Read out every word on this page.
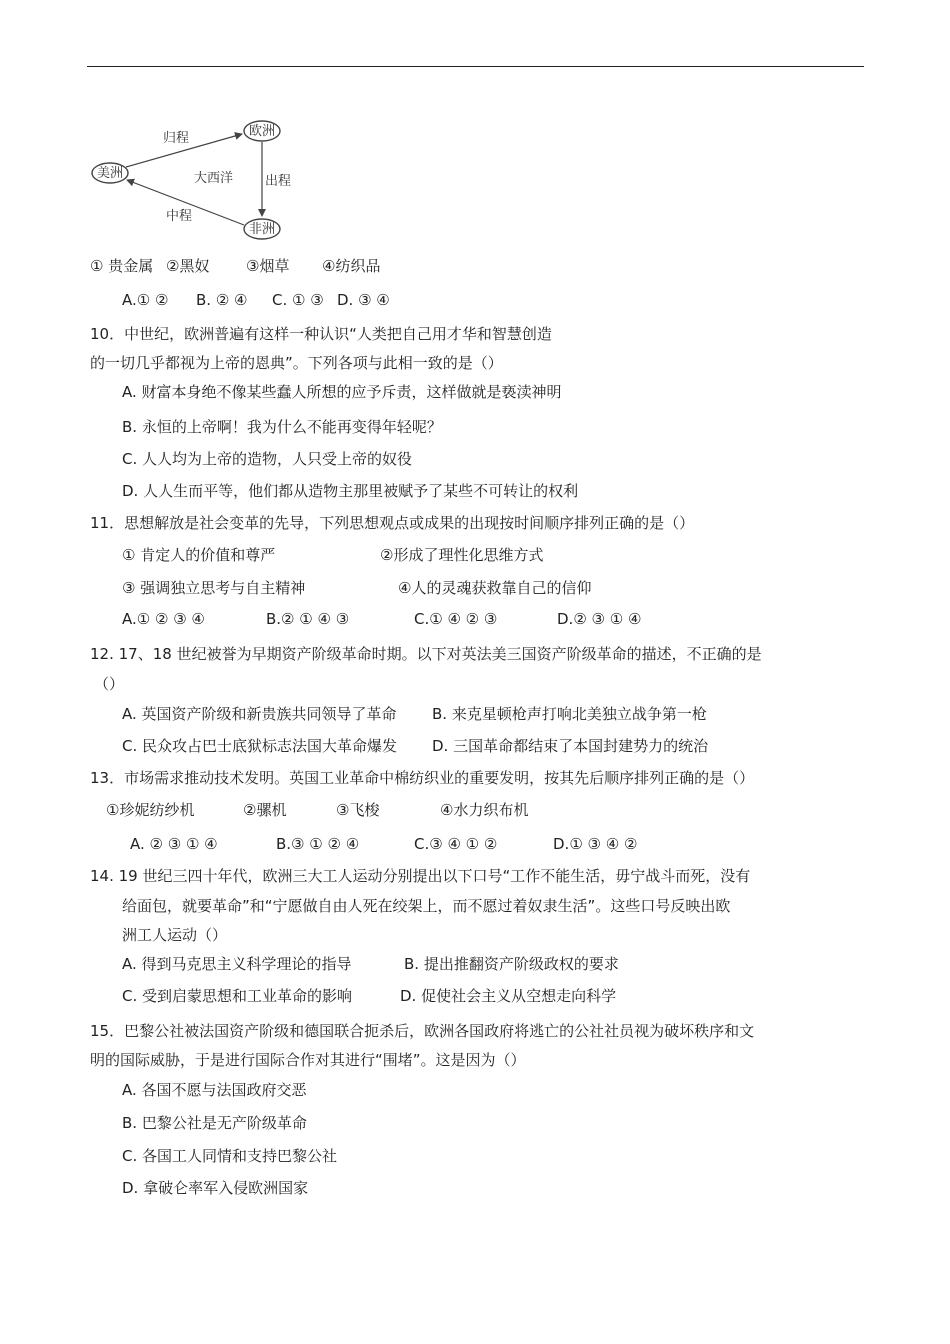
欧洲
美洲
非洲
归程
出程
中程
大西洋
① 贵金属 ②黑奴 ③烟草 ④纺织品
A.① ② B. ② ④ C. ① ③ D. ③ ④
10．中世纪，欧洲普遍有这样一种认识“人类把自己用才华和智慧创造
的一切几乎都视为上帝的恩典”。下列各项与此相一致的是（）
A. 财富本身绝不像某些蠢人所想的应予斥责，这样做就是亵渎神明
B. 永恒的上帝啊！我为什么不能再变得年轻呢？
C. 人人均为上帝的造物，人只受上帝的奴役
D. 人人生而平等，他们都从造物主那里被赋予了某些不可转让的权利
11．思想解放是社会变革的先导，下列思想观点或成果的出现按时间顺序排列正确的是（）
① 肯定人的价值和尊严	②形成了理性化思维方式
③ 强调独立思考与自主精神	④人的灵魂获救靠自己的信仰
A.① ② ③ ④	B.② ① ④ ③	C.① ④ ② ③	D.② ③ ① ④
12. 17、18 世纪被誉为早期资产阶级革命时期。以下对英法美三国资产阶级革命的描述，不正确的是
（）
A. 英国资产阶级和新贵族共同领导了革命 B. 来克星顿枪声打响北美独立战争第一枪
C. 民众攻占巴士底狱标志法国大革命爆发 D. 三国革命都结束了本国封建势力的统治
13．市场需求推动技术发明。英国工业革命中棉纺织业的重要发明，按其先后顺序排列正确的是（）
①珍妮纺纱机	②骡机	③飞梭	④水力织布机
A. ② ③ ① ④	B.③ ① ② ④	C.③ ④ ① ②	D.① ③ ④ ②
14. 19 世纪三四十年代，欧洲三大工人运动分别提出以下口号“工作不能生活，毋宁战斗而死，没有
给面包，就要革命”和“宁愿做自由人死在绞架上，而不愿过着奴隶生活”。这些口号反映出欧
洲工人运动（）
A. 得到马克思主义科学理论的指导	B. 提出推翻资产阶级政权的要求
C. 受到启蒙思想和工业革命的影响	D. 促使社会主义从空想走向科学
15．巴黎公社被法国资产阶级和德国联合扼杀后，欧洲各国政府将逃亡的公社社员视为破坏秩序和文
明的国际威胁，于是进行国际合作对其进行“围堵”。这是因为（）
A. 各国不愿与法国政府交恶
B. 巴黎公社是无产阶级革命
C. 各国工人同情和支持巴黎公社
D. 拿破仑率军入侵欧洲国家
